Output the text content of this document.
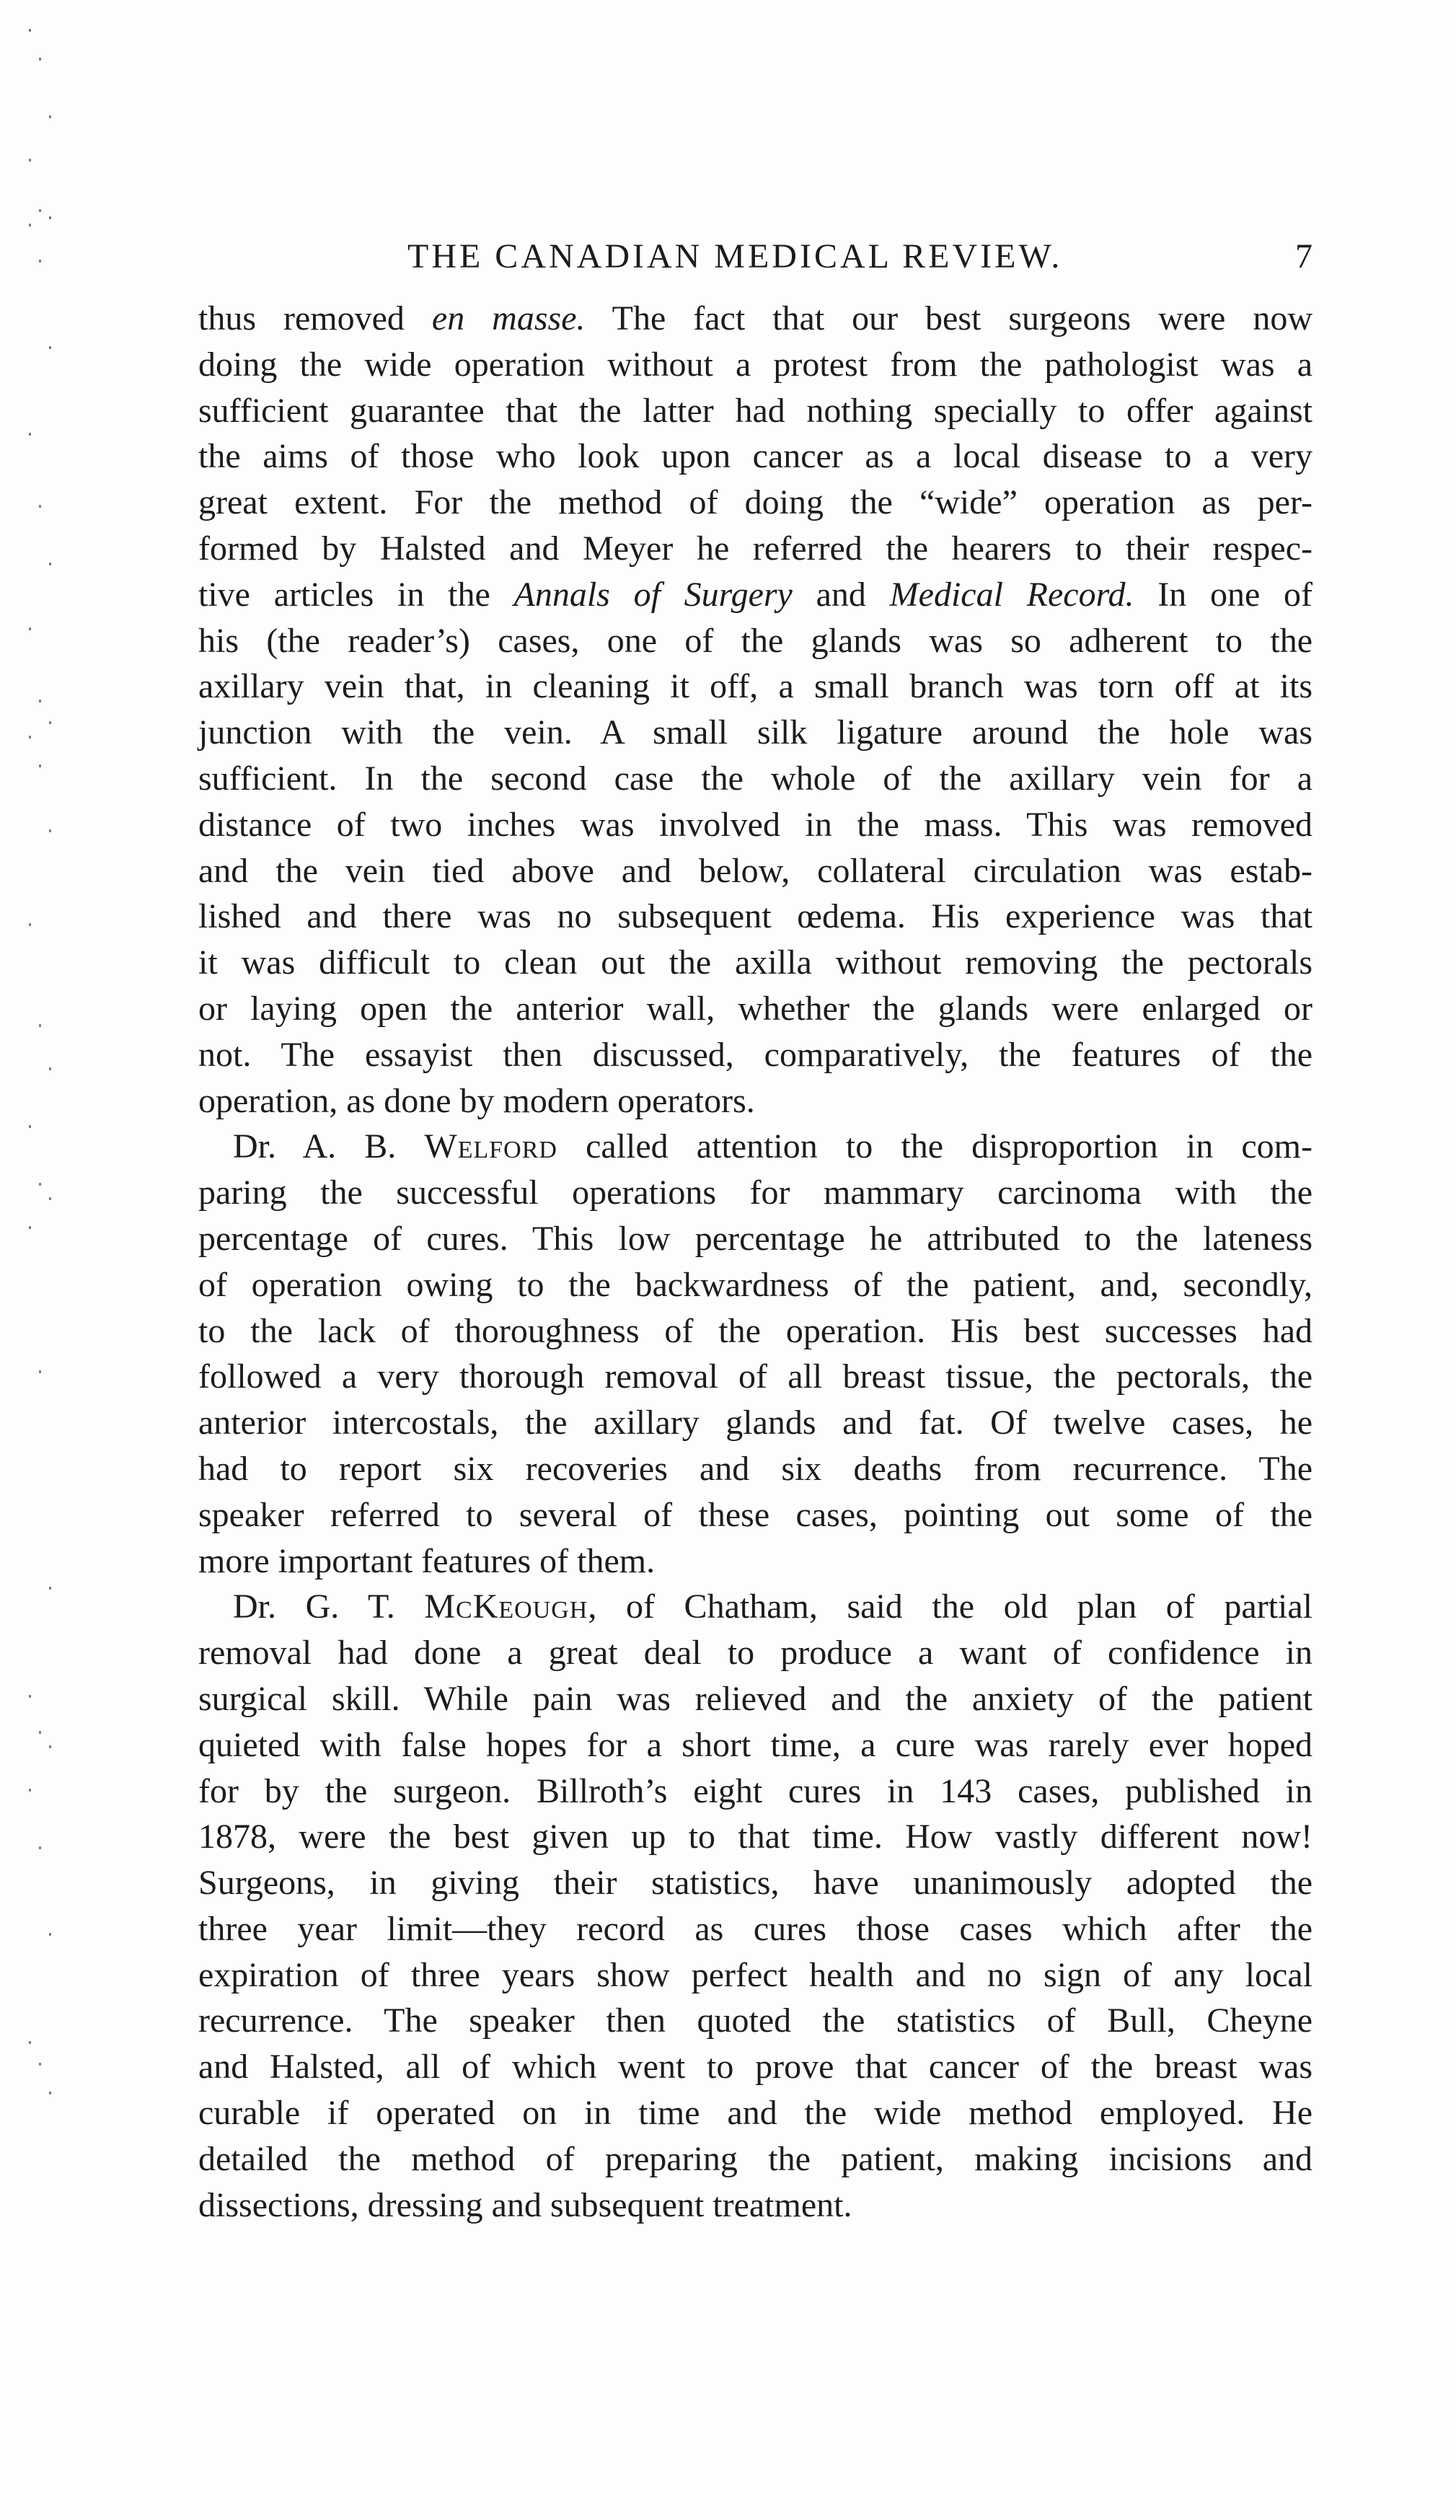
THE CANADIAN MEDICAL REVIEW.	7

thus removed en masse. The fact that our best surgeons were now
doing the wide operation without a protest from the pathologist was a
sufficient guarantee that the latter had nothing specially to offer against
the aims of those who look upon cancer as a local disease to a very
great extent. For the method of doing the “wide” operation as per-
formed by Halsted and Meyer he referred the hearers to their respec-
tive articles in the Annals of Surgery and Medical Record. In one of
his (the reader’s) cases, one of the glands was so adherent to the
axillary vein that, in cleaning it off, a small branch was torn off at its
junction with the vein. A small silk ligature around the hole was
sufficient. In the second case the whole of the axillary vein for a
distance of two inches was involved in the mass. This was removed
and the vein tied above and below, collateral circulation was estab-
lished and there was no subsequent œdema. His experience was that
it was difficult to clean out the axilla without removing the pectorals
or laying open the anterior wall, whether the glands were enlarged or
not. The essayist then discussed, comparatively, the features of the
operation, as done by modern operators.

Dr. A. B. Welford called attention to the disproportion in com-
paring the successful operations for mammary carcinoma with the
percentage of cures. This low percentage he attributed to the lateness
of operation owing to the backwardness of the patient, and, secondly,
to the lack of thoroughness of the operation. His best successes had
followed a very thorough removal of all breast tissue, the pectorals, the
anterior intercostals, the axillary glands and fat. Of twelve cases, he
had to report six recoveries and six deaths from recurrence. The
speaker referred to several of these cases, pointing out some of the
more important features of them.

Dr. G. T. McKeough, of Chatham, said the old plan of partial
removal had done a great deal to produce a want of confidence in
surgical skill. While pain was relieved and the anxiety of the patient
quieted with false hopes for a short time, a cure was rarely ever hoped
for by the surgeon. Billroth’s eight cures in 143 cases, published in
1878, were the best given up to that time. How vastly different now!
Surgeons, in giving their statistics, have unanimously adopted the
three year limit—they record as cures those cases which after the
expiration of three years show perfect health and no sign of any local
recurrence. The speaker then quoted the statistics of Bull, Cheyne
and Halsted, all of which went to prove that cancer of the breast was
curable if operated on in time and the wide method employed. He
detailed the method of preparing the patient, making incisions and
dissections, dressing and subsequent treatment.
